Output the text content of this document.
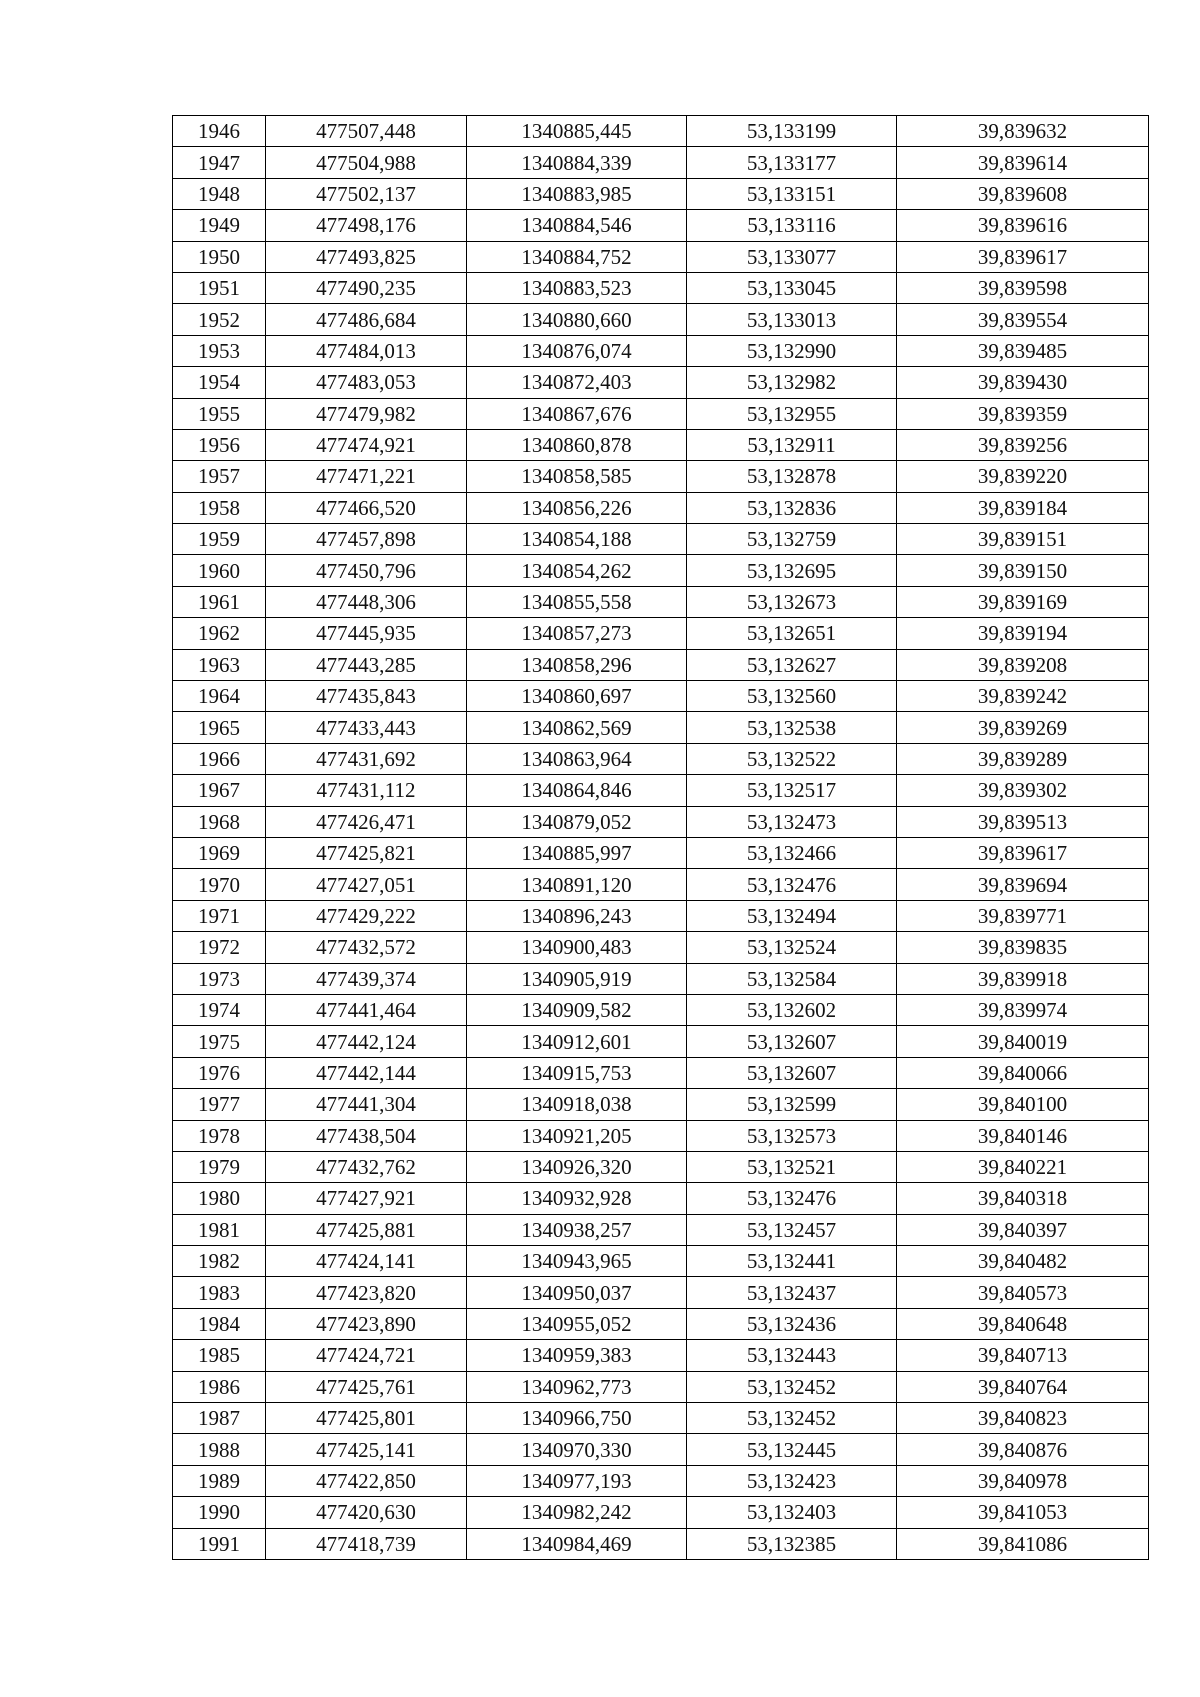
1946	477507,448	1340885,445	53,133199	39,839632
1947	477504,988	1340884,339	53,133177	39,839614
1948	477502,137	1340883,985	53,133151	39,839608
1949	477498,176	1340884,546	53,133116	39,839616
1950	477493,825	1340884,752	53,133077	39,839617
1951	477490,235	1340883,523	53,133045	39,839598
1952	477486,684	1340880,660	53,133013	39,839554
1953	477484,013	1340876,074	53,132990	39,839485
1954	477483,053	1340872,403	53,132982	39,839430
1955	477479,982	1340867,676	53,132955	39,839359
1956	477474,921	1340860,878	53,132911	39,839256
1957	477471,221	1340858,585	53,132878	39,839220
1958	477466,520	1340856,226	53,132836	39,839184
1959	477457,898	1340854,188	53,132759	39,839151
1960	477450,796	1340854,262	53,132695	39,839150
1961	477448,306	1340855,558	53,132673	39,839169
1962	477445,935	1340857,273	53,132651	39,839194
1963	477443,285	1340858,296	53,132627	39,839208
1964	477435,843	1340860,697	53,132560	39,839242
1965	477433,443	1340862,569	53,132538	39,839269
1966	477431,692	1340863,964	53,132522	39,839289
1967	477431,112	1340864,846	53,132517	39,839302
1968	477426,471	1340879,052	53,132473	39,839513
1969	477425,821	1340885,997	53,132466	39,839617
1970	477427,051	1340891,120	53,132476	39,839694
1971	477429,222	1340896,243	53,132494	39,839771
1972	477432,572	1340900,483	53,132524	39,839835
1973	477439,374	1340905,919	53,132584	39,839918
1974	477441,464	1340909,582	53,132602	39,839974
1975	477442,124	1340912,601	53,132607	39,840019
1976	477442,144	1340915,753	53,132607	39,840066
1977	477441,304	1340918,038	53,132599	39,840100
1978	477438,504	1340921,205	53,132573	39,840146
1979	477432,762	1340926,320	53,132521	39,840221
1980	477427,921	1340932,928	53,132476	39,840318
1981	477425,881	1340938,257	53,132457	39,840397
1982	477424,141	1340943,965	53,132441	39,840482
1983	477423,820	1340950,037	53,132437	39,840573
1984	477423,890	1340955,052	53,132436	39,840648
1985	477424,721	1340959,383	53,132443	39,840713
1986	477425,761	1340962,773	53,132452	39,840764
1987	477425,801	1340966,750	53,132452	39,840823
1988	477425,141	1340970,330	53,132445	39,840876
1989	477422,850	1340977,193	53,132423	39,840978
1990	477420,630	1340982,242	53,132403	39,841053
1991	477418,739	1340984,469	53,132385	39,841086
